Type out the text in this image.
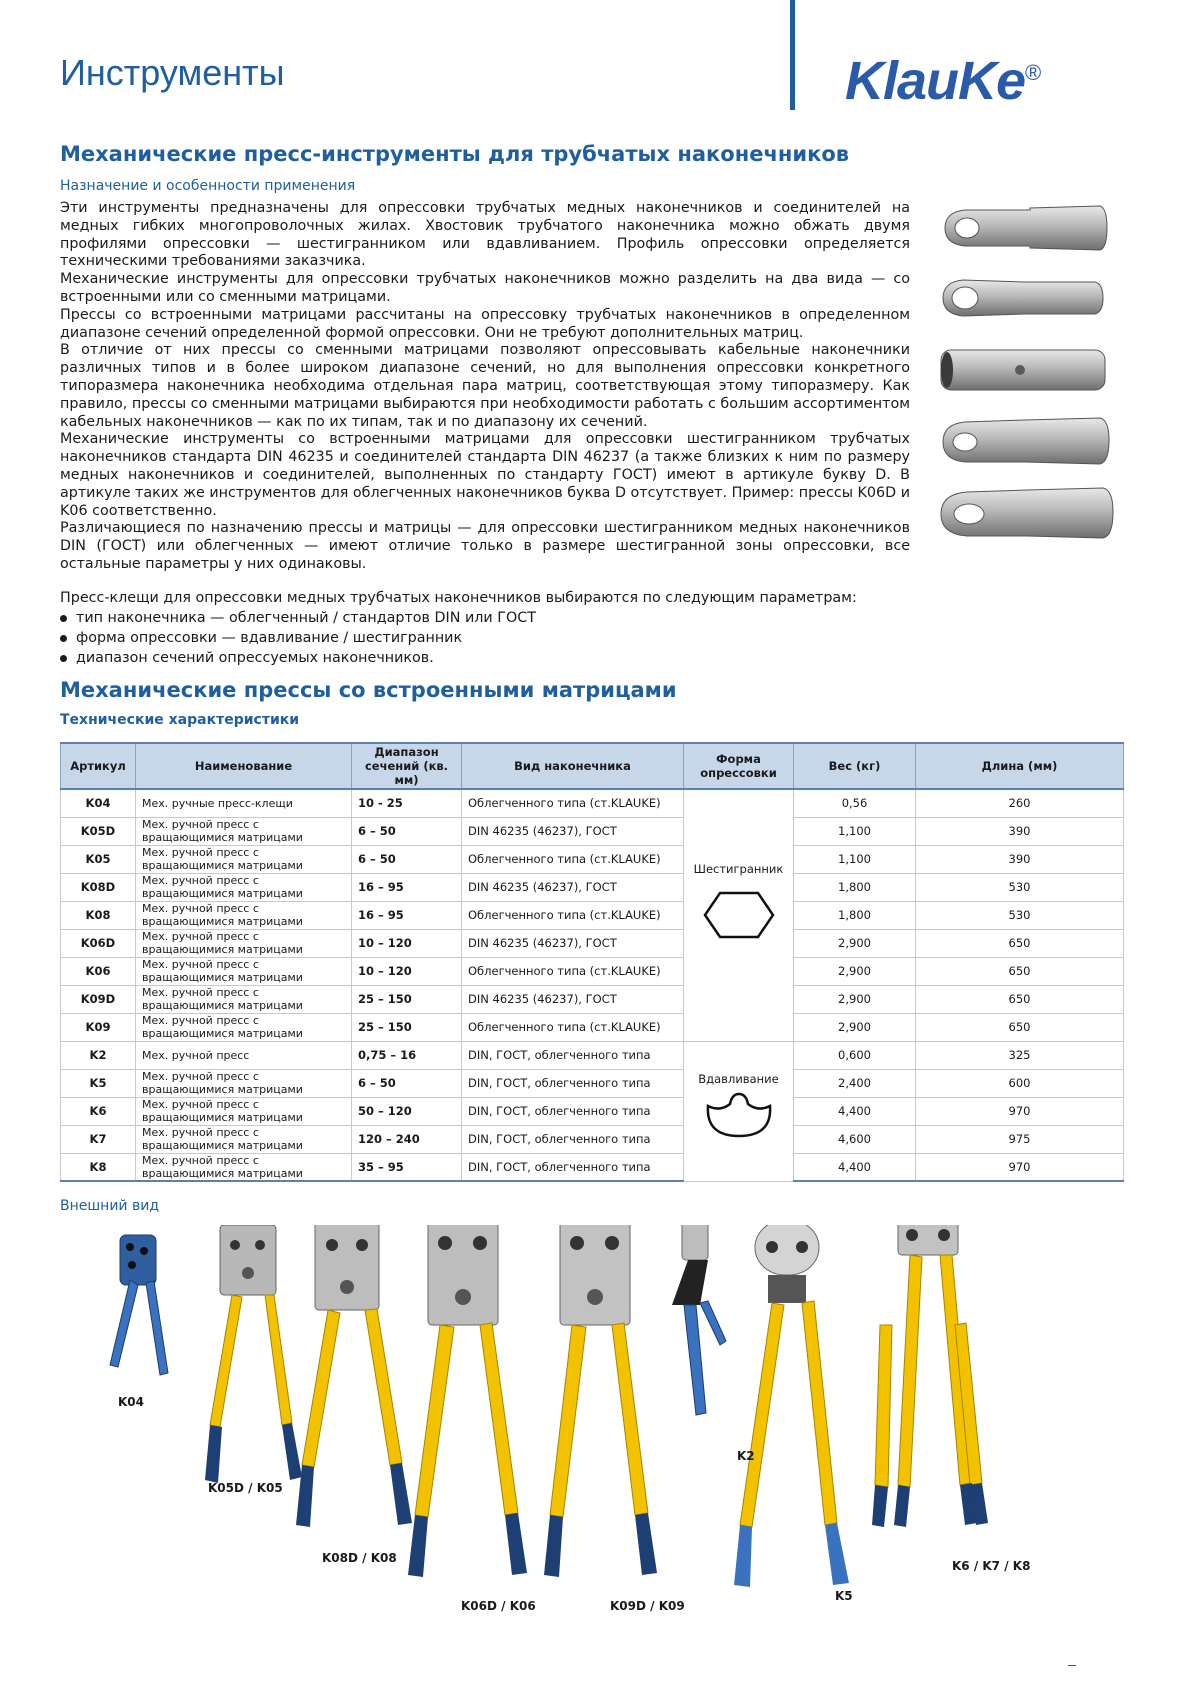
Инструменты	KlauKe®
Механические пресс-инструменты для трубчатых наконечников
Назначение и особенности применения

Эти инструменты предназначены для опрессовки трубчатых медных наконечников и соединителей на медных гибких многопроволочных жилах. Хвостовик трубчатого наконечника можно обжать двумя профилями опрессовки — шестигранником или вдавливанием. Профиль опрессовки определяется техническими требованиями заказчика.

Механические инструменты для опрессовки трубчатых наконечников можно разделить на два вида — со встроенными или со сменными матрицами.

Прессы со встроенными матрицами рассчитаны на опрессовку трубчатых наконечников в определенном диапазоне сечений определенной формой опрессовки. Они не требуют дополнительных матриц.

В отличие от них прессы со сменными матрицами позволяют опрессовывать кабельные наконечники различных типов и в более широком диапазоне сечений, но для выполнения опрессовки конкретного типоразмера наконечника необходима отдельная пара матриц, соответствующая этому типоразмеру. Как правило, прессы со сменными матрицами выбираются при необходимости работать с большим ассортиментом кабельных наконечников — как по их типам, так и по диапазону их сечений.

Механические инструменты со встроенными матрицами для опрессовки шестигранником трубчатых наконечников стандарта DIN 46235 и соединителей стандарта DIN 46237 (а также близких к ним по размеру медных наконечников и соединителей, выполненных по стандарту ГОСТ) имеют в артикуле букву D. В артикуле таких же инструментов для облегченных наконечников буква D отсутствует. Пример: прессы K06D и K06 соответственно.

Различающиеся по назначению прессы и матрицы — для опрессовки шестигранником медных наконечников DIN (ГОСТ) или облегченных — имеют отличие только в размере шестигранной зоны опрессовки, все остальные параметры у них одинаковы.

Пресс-клещи для опрессовки медных трубчатых наконечников выбираются по следующим параметрам:
тип наконечника — облегченный / стандартов DIN или ГОСТ
форма опрессовки — вдавливание / шестигранник
диапазон сечений опрессуемых наконечников.
Механические прессы со встроенными матрицами
Технические характеристики
Артикул	Наименование	Диапазон сечений (кв. мм)	Вид наконечника	Форма опрессовки	Вес (кг)	Длина (мм)
K04	Мех. ручные пресс-клещи	10 - 25	Облегченного типа (ст.KLAUKE)	Шестигранник	0,56	260
K05D	Мех. ручной пресс с вращающимися матрицами	6 – 50	DIN 46235 (46237), ГОСТ		1,100	390
K05	Мех. ручной пресс с вращающимися матрицами	6 – 50	Облегченного типа (ст.KLAUKE)		1,100	390
K08D	Мех. ручной пресс с вращающимися матрицами	16 – 95	DIN 46235 (46237), ГОСТ		1,800	530
K08	Мех. ручной пресс с вращающимися матрицами	16 – 95	Облегченного типа (ст.KLAUKE)		1,800	530
K06D	Мех. ручной пресс с вращающимися матрицами	10 – 120	DIN 46235 (46237), ГОСТ		2,900	650
K06	Мех. ручной пресс с вращающимися матрицами	10 – 120	Облегченного типа (ст.KLAUKE)		2,900	650
K09D	Мех. ручной пресс с вращающимися матрицами	25 – 150	DIN 46235 (46237), ГОСТ		2,900	650
K09	Мех. ручной пресс с вращающимися матрицами	25 – 150	Облегченного типа (ст.KLAUKE)		2,900	650
K2	Мех. ручной пресс	0,75 – 16	DIN, ГОСТ, облегченного типа	Вдавливание	0,600	325
K5	Мех. ручной пресс с вращающимися матрицами	6 – 50	DIN, ГОСТ, облегченного типа		2,400	600
K6	Мех. ручной пресс с вращающимися матрицами	50 – 120	DIN, ГОСТ, облегченного типа		4,400	970
K7	Мех. ручной пресс с вращающимися матрицами	120 – 240	DIN, ГОСТ, облегченного типа		4,600	975
K8	Мех. ручной пресс с вращающимися матрицами	35 – 95	DIN, ГОСТ, облегченного типа		4,400	970
Внешний вид
K04
K05D / K05
K08D / K08
K06D / K06	K09D / K09
K2
K5
K6 / K7 / K8
